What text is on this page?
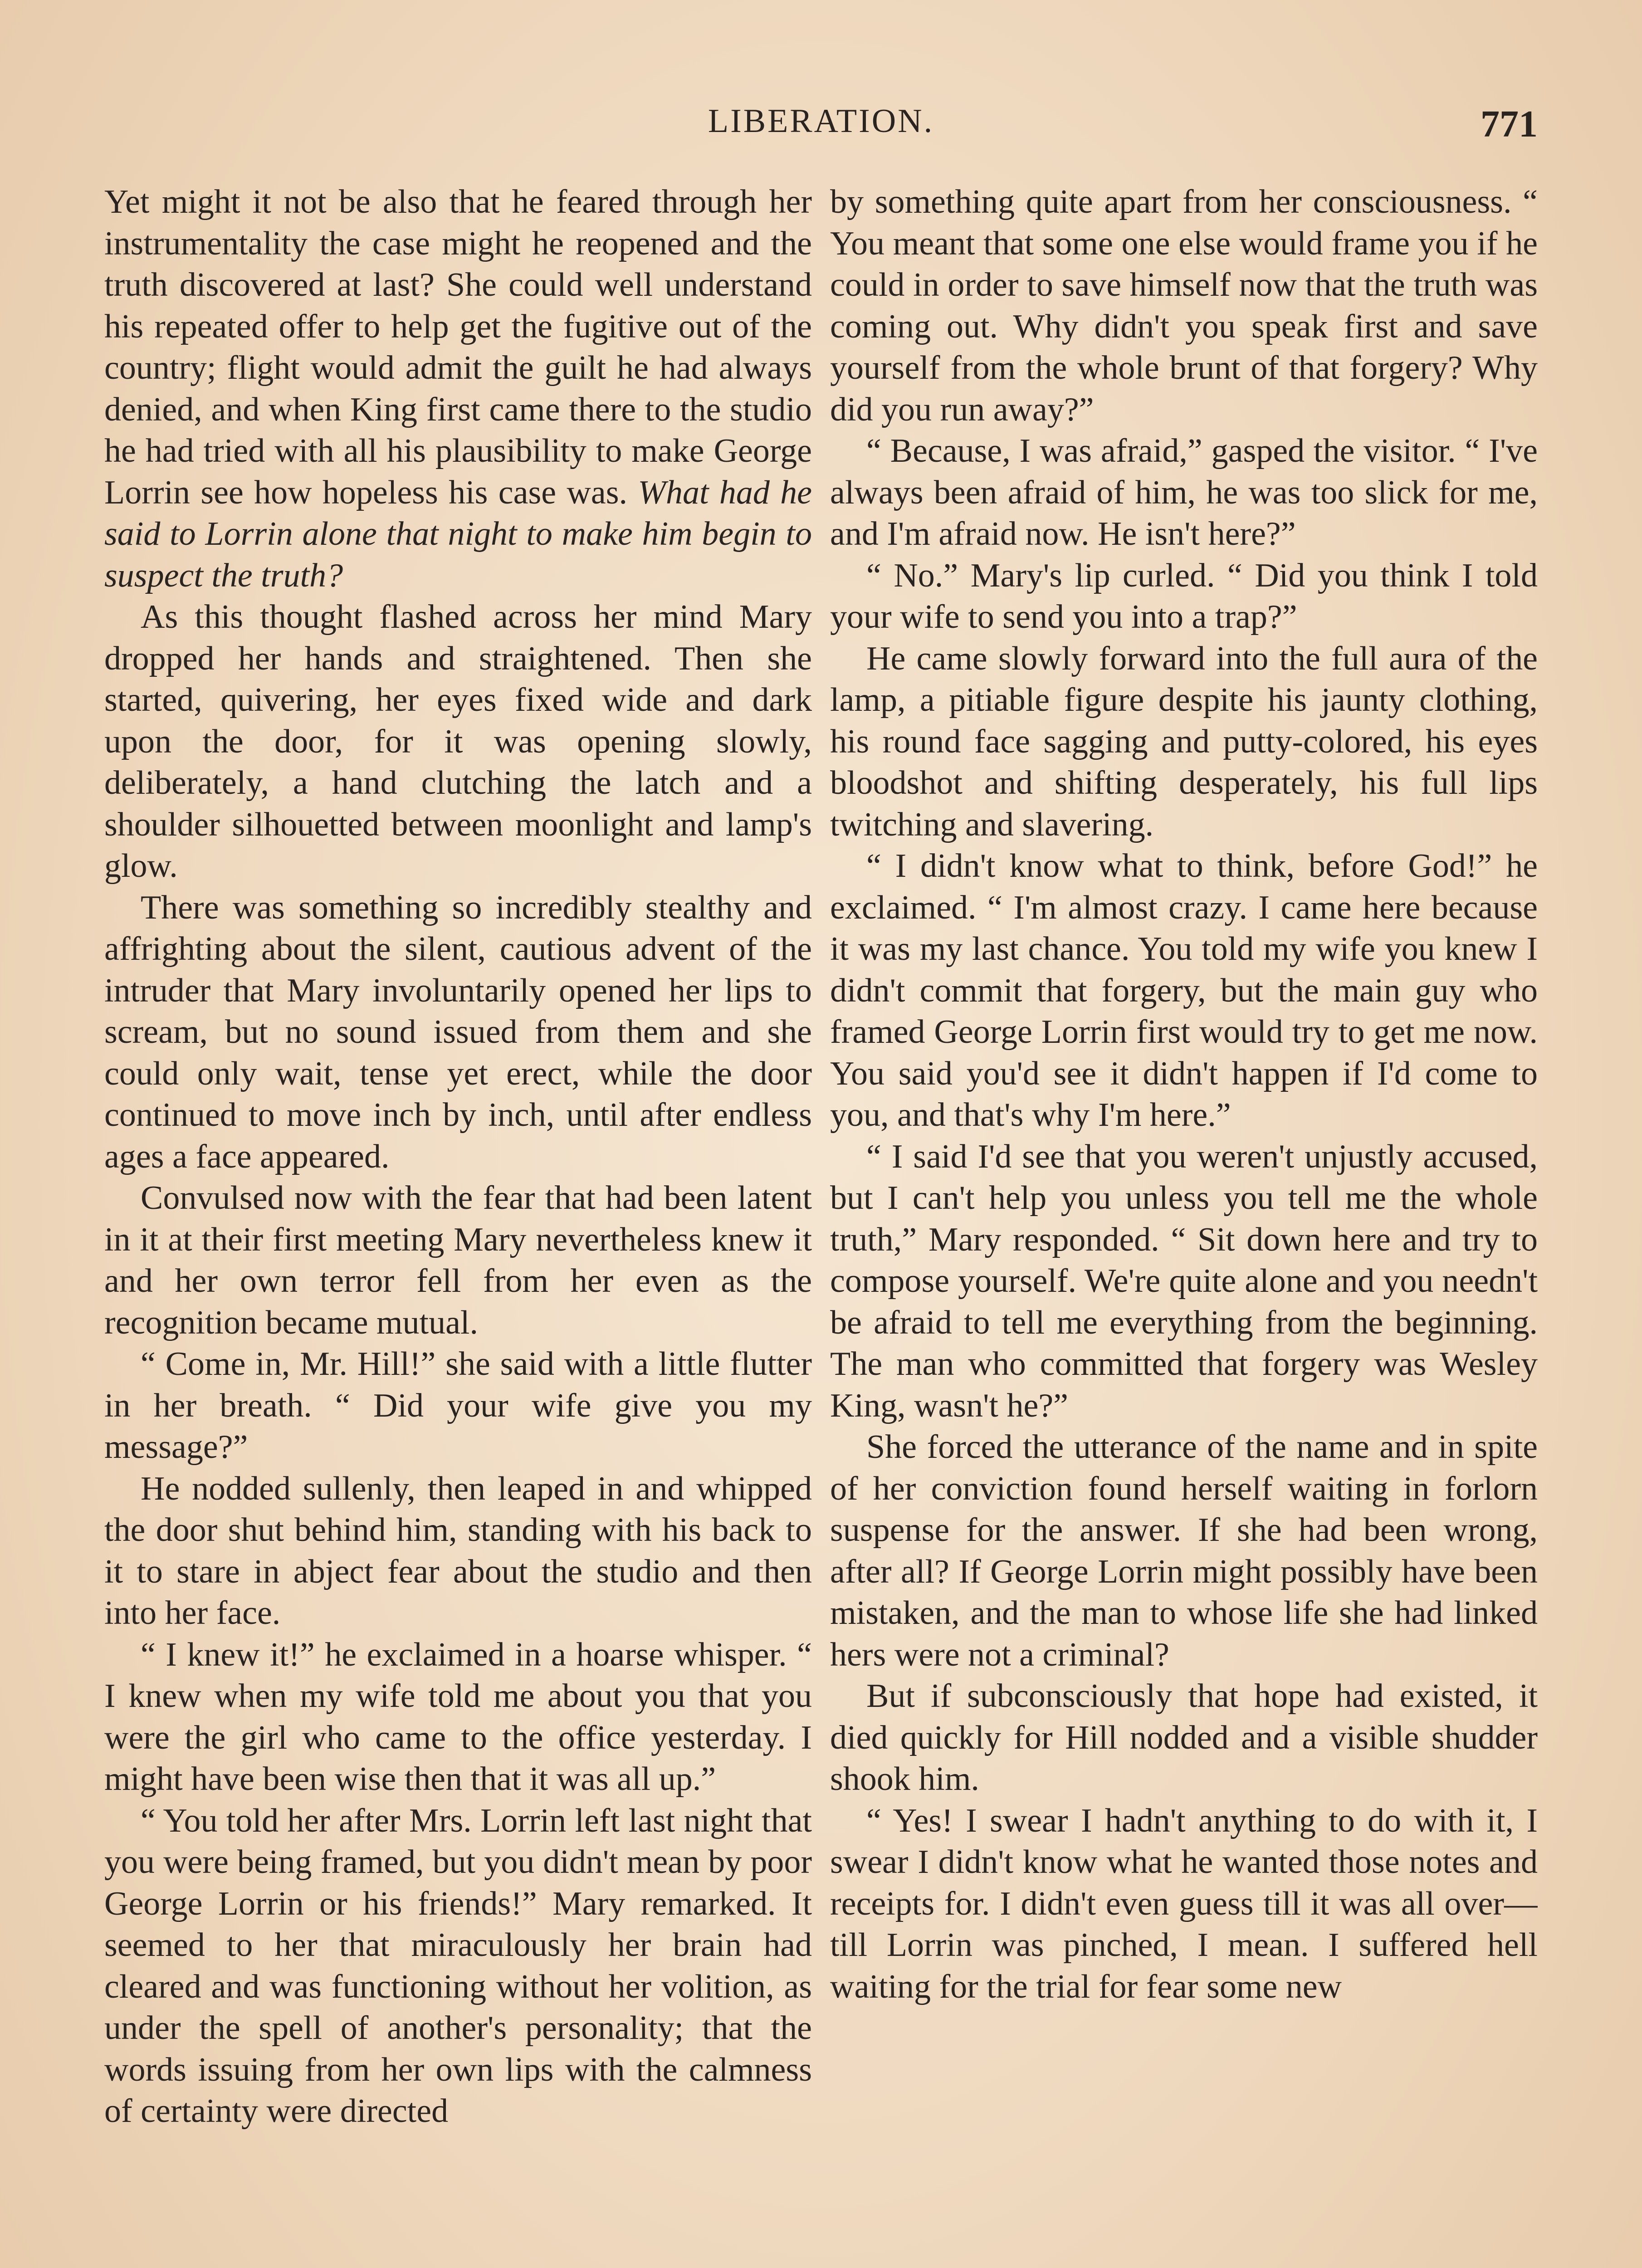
LIBERATION.	771

Yet might it not be also that he feared through her instrumentality the case might he reopened and the truth discovered at last? She could well understand his repeated offer to help get the fugitive out of the country; flight would admit the guilt he had always denied, and when King first came there to the studio he had tried with all his plausibility to make George Lorrin see how hopeless his case was. What had he said to Lorrin alone that night to make him begin to suspect the truth?

As this thought flashed across her mind Mary dropped her hands and straightened. Then she started, quivering, her eyes fixed wide and dark upon the door, for it was opening slowly, deliberately, a hand clutching the latch and a shoulder silhouetted between moonlight and lamp's glow.

There was something so incredibly stealthy and affrighting about the silent, cautious advent of the intruder that Mary involuntarily opened her lips to scream, but no sound issued from them and she could only wait, tense yet erect, while the door continued to move inch by inch, until after endless ages a face appeared.

Convulsed now with the fear that had been latent in it at their first meeting Mary nevertheless knew it and her own terror fell from her even as the recognition became mutual.

“ Come in, Mr. Hill!” she said with a little flutter in her breath. “ Did your wife give you my message?”

He nodded sullenly, then leaped in and whipped the door shut behind him, standing with his back to it to stare in abject fear about the studio and then into her face.

“ I knew it!” he exclaimed in a hoarse whisper. “ I knew when my wife told me about you that you were the girl who came to the office yesterday. I might have been wise then that it was all up.”

“ You told her after Mrs. Lorrin left last night that you were being framed, but you didn't mean by poor George Lorrin or his friends!” Mary remarked. It seemed to her that miraculously her brain had cleared and was functioning without her volition, as under the spell of another's personality; that the words issuing from her own lips with the calmness of certainty were directed

by something quite apart from her consciousness. “ You meant that some one else would frame you if he could in order to save himself now that the truth was coming out. Why didn't you speak first and save yourself from the whole brunt of that forgery? Why did you run away?”

“ Because, I was afraid,” gasped the visitor. “ I've always been afraid of him, he was too slick for me, and I'm afraid now. He isn't here?”

“ No.” Mary's lip curled. “ Did you think I told your wife to send you into a trap?”

He came slowly forward into the full aura of the lamp, a pitiable figure despite his jaunty clothing, his round face sagging and putty-colored, his eyes bloodshot and shifting desperately, his full lips twitching and slavering.

“ I didn't know what to think, before God!” he exclaimed. “ I'm almost crazy. I came here because it was my last chance. You told my wife you knew I didn't commit that forgery, but the main guy who framed George Lorrin first would try to get me now. You said you'd see it didn't happen if I'd come to you, and that's why I'm here.”

“ I said I'd see that you weren't unjustly accused, but I can't help you unless you tell me the whole truth,” Mary responded. “ Sit down here and try to compose yourself. We're quite alone and you needn't be afraid to tell me everything from the beginning. The man who committed that forgery was Wesley King, wasn't he?”

She forced the utterance of the name and in spite of her conviction found herself waiting in forlorn suspense for the answer. If she had been wrong, after all? If George Lorrin might possibly have been mistaken, and the man to whose life she had linked hers were not a criminal?

But if subconsciously that hope had existed, it died quickly for Hill nodded and a visible shudder shook him.

“ Yes! I swear I hadn't anything to do with it, I swear I didn't know what he wanted those notes and receipts for. I didn't even guess till it was all over—till Lorrin was pinched, I mean. I suffered hell waiting for the trial for fear some new
